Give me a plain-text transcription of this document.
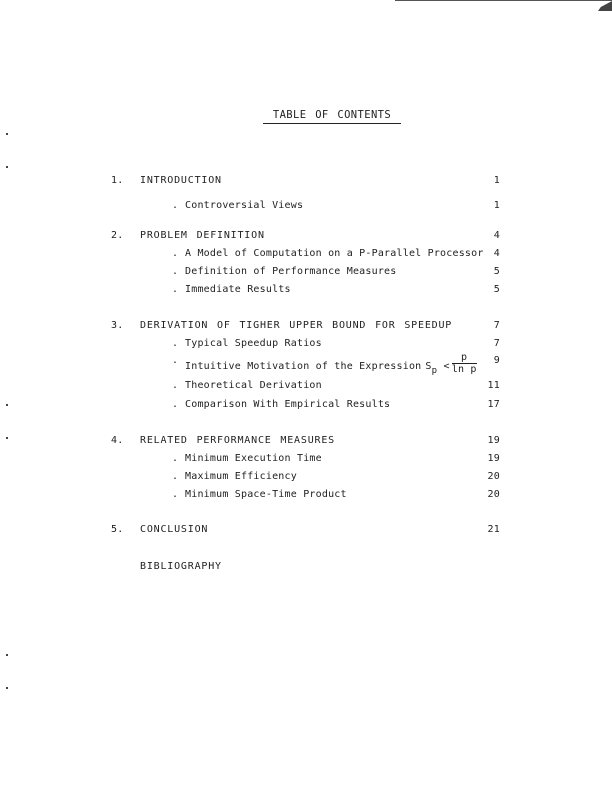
TABLE OF CONTENTS
1. INTRODUCTION	1
. Controversial Views	1
2. PROBLEM DEFINITION	4
. A Model of Computation on a P-Parallel Processor	4
. Definition of Performance Measures	5
. Immediate Results	5
3. DERIVATION OF TIGHER UPPER BOUND FOR SPEEDUP	7
. Typical Speedup Ratios	7
.
Intuitive Motivation of the Expression $Sp < \frac{p}{\text{ln p}}$	9
. Theoretical Derivation	11
. Comparison With Empirical Results	17
4. RELATED PERFORMANCE MEASURES	19
. Minimum Execution Time	19
. Maximum Efficiency	20
. Minimum Space-Time Product	20
5. CONCLUSION	21
BIBLIOGRAPHY
